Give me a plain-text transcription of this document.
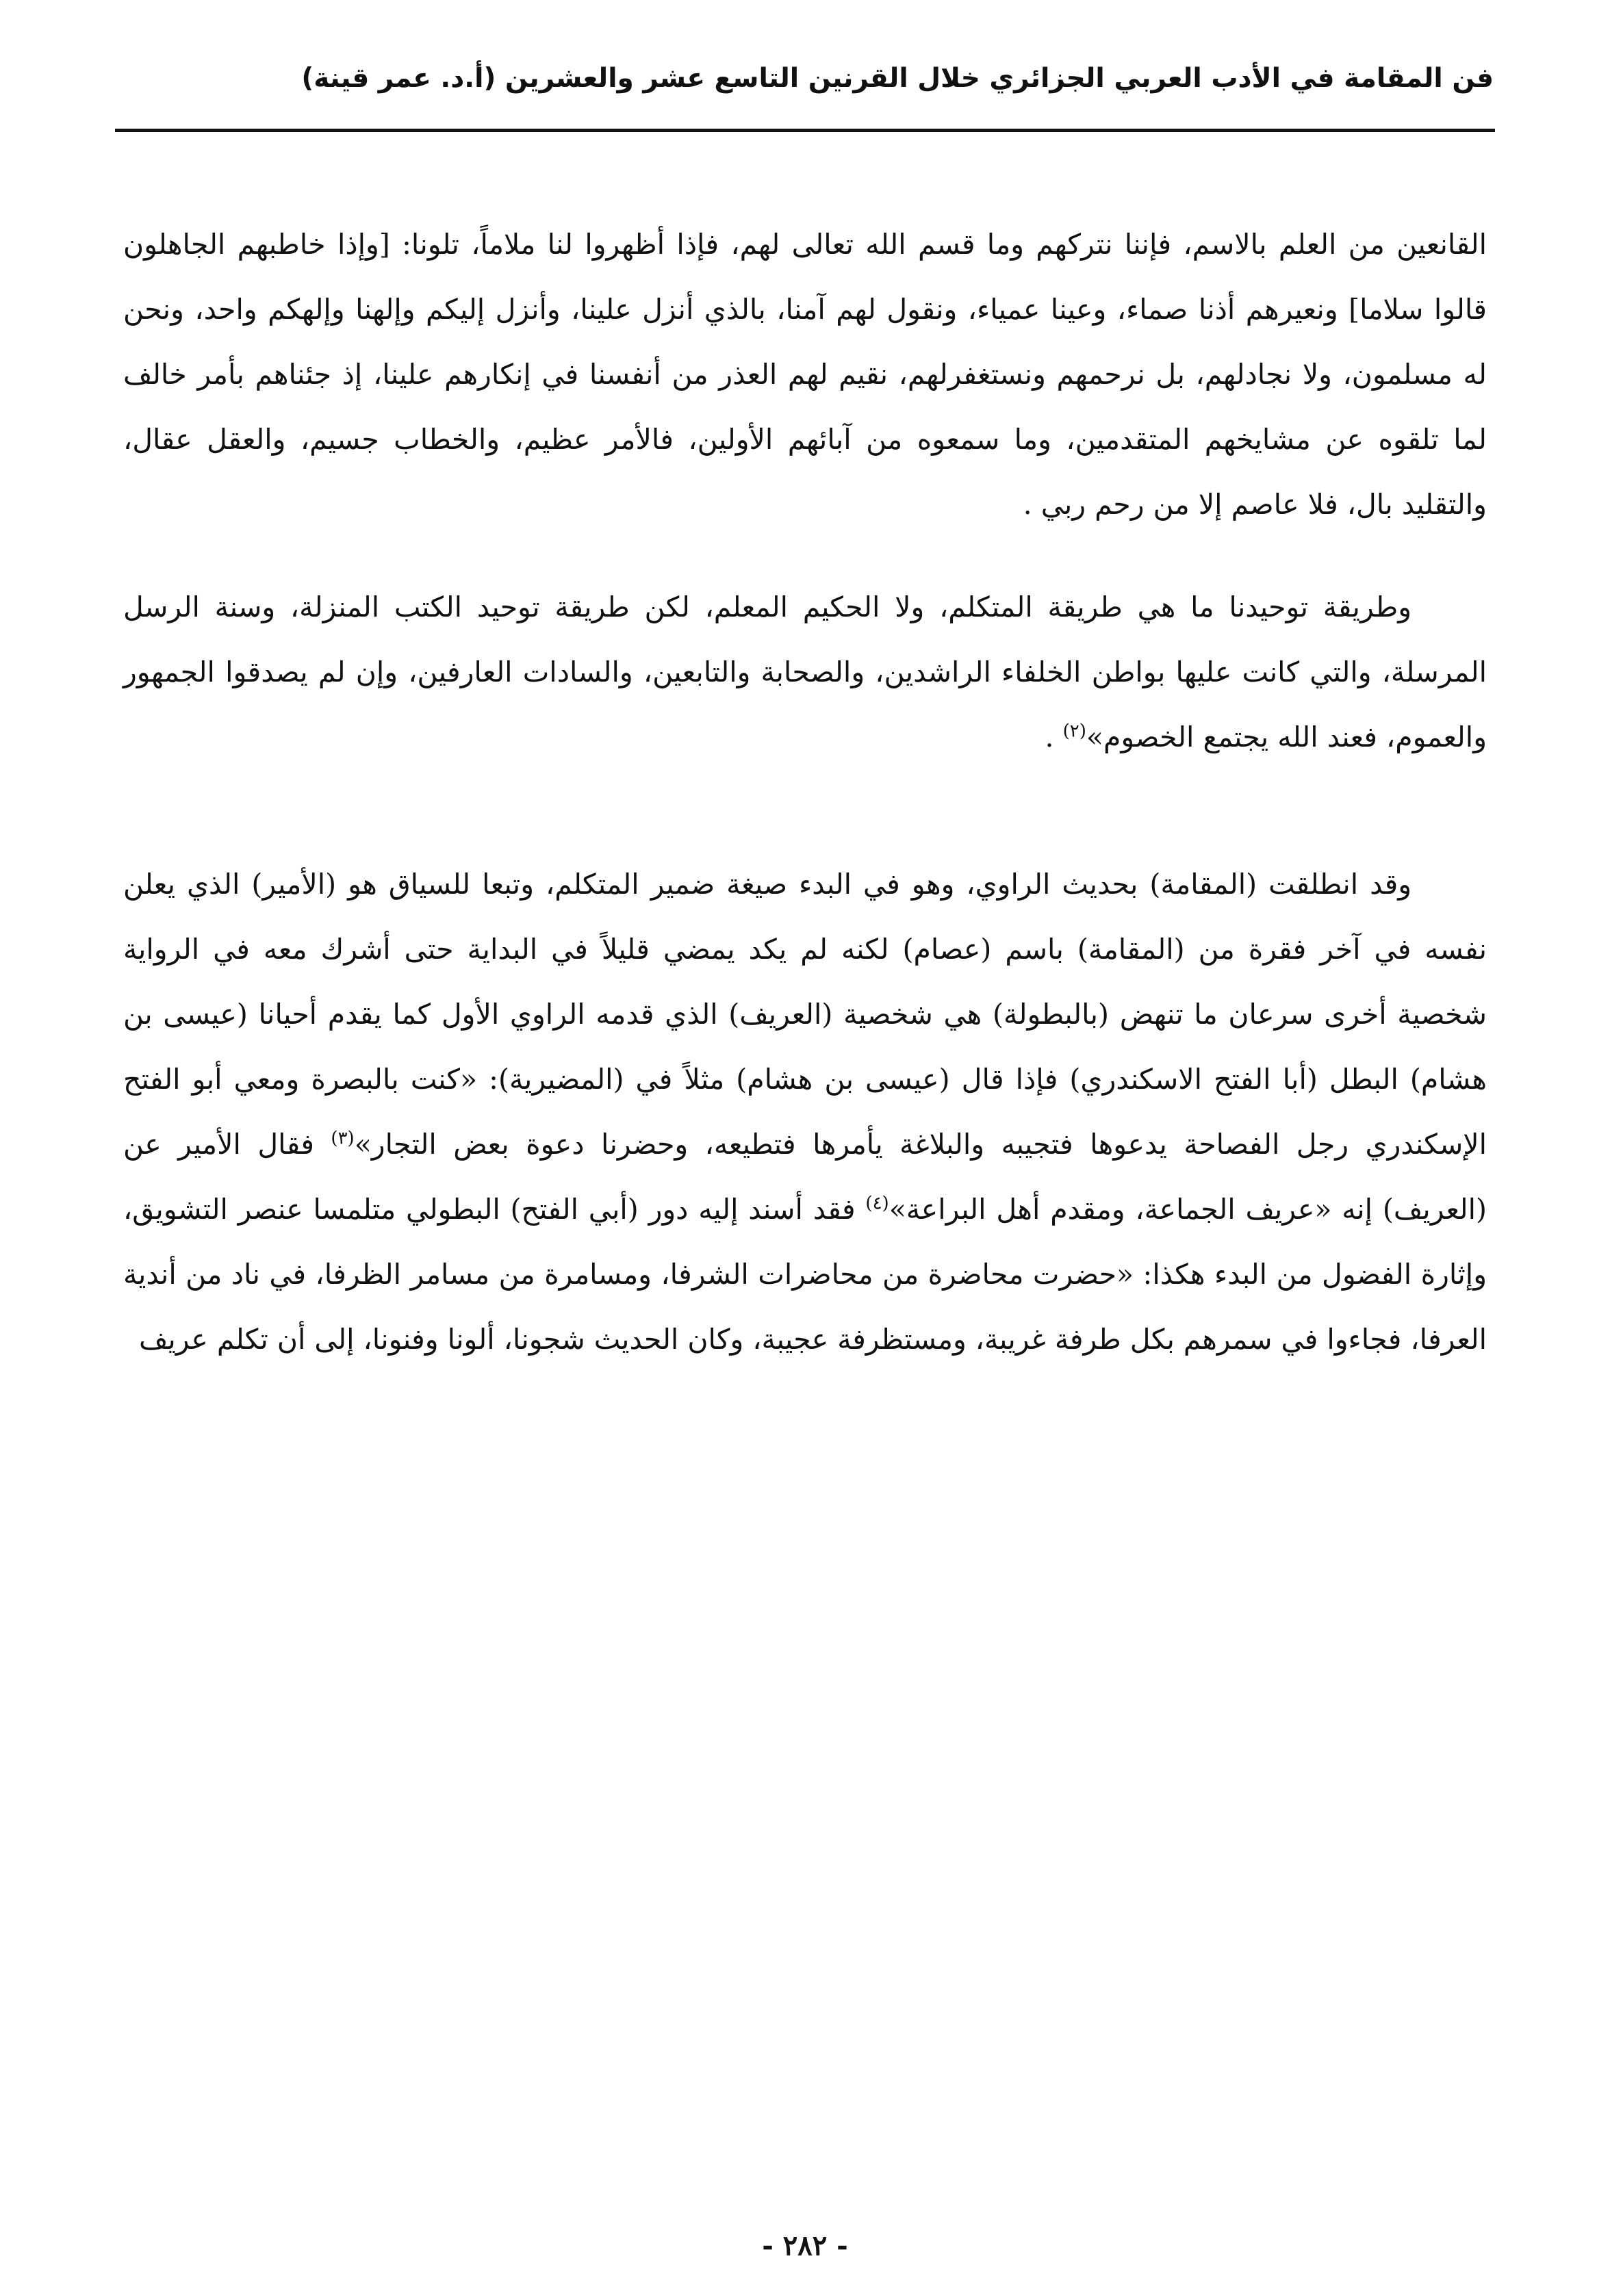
فن المقامة في الأدب العربي الجزائري خلال القرنين التاسع عشر والعشرين (أ.د. عمر قينة)

القانعين من العلم بالاسم، فإننا نتركهم وما قسم الله تعالى لهم، فإذا أظهروا لنا ملاماً، تلونا: [وإذا خاطبهم الجاهلون قالوا سلاما] ونعيرهم أذنا صماء، وعينا عمياء، ونقول لهم آمنا، بالذي أنزل علينا، وأنزل إليكم وإلهنا وإلهكم واحد، ونحن له مسلمون، ولا نجادلهم، بل نرحمهم ونستغفرلهم، نقيم لهم العذر من أنفسنا في إنكارهم علينا، إذ جئناهم بأمر خالف لما تلقوه عن مشايخهم المتقدمين، وما سمعوه من آبائهم الأولين، فالأمر عظيم، والخطاب جسيم، والعقل عقال، والتقليد بال، فلا عاصم إلا من رحم ربي .

وطريقة توحيدنا ما هي طريقة المتكلم، ولا الحكيم المعلم، لكن طريقة توحيد الكتب المنزلة، وسنة الرسل المرسلة، والتي كانت عليها بواطن الخلفاء الراشدين، والصحابة والتابعين، والسادات العارفين، وإن لم يصدقوا الجمهور والعموم، فعند الله يجتمع الخصوم»$^{(٢)}$ .

وقد انطلقت (المقامة) بحديث الراوي، وهو في البدء صيغة ضمير المتكلم، وتبعا للسياق هو (الأمير) الذي يعلن نفسه في آخر فقرة من (المقامة) باسم (عصام) لكنه لم يكد يمضي قليلاً في البداية حتى أشرك معه في الرواية شخصية أخرى سرعان ما تنهض (بالبطولة) هي شخصية (العريف) الذي قدمه الراوي الأول كما يقدم أحيانا (عيسى بن هشام) البطل (أبا الفتح الاسكندري) فإذا قال (عيسى بن هشام) مثلاً في (المضيرية): «كنت بالبصرة ومعي أبو الفتح الإسكندري رجل الفصاحة يدعوها فتجيبه والبلاغة يأمرها فتطيعه، وحضرنا دعوة بعض التجار»$^{(٣)}$ فقال الأمير عن (العريف) إنه «عريف الجماعة، ومقدم أهل البراعة»$^{(٤)}$ فقد أسند إليه دور (أبي الفتح) البطولي متلمسا عنصر التشويق، وإثارة الفضول من البدء هكذا: «حضرت محاضرة من محاضرات الشرفا، ومسامرة من مسامر الظرفا، في ناد من أندية العرفا، فجاءوا في سمرهم بكل طرفة غريبة، ومستظرفة عجيبة، وكان الحديث شجونا، ألونا وفنونا، إلى أن تكلم عريف

- ٢٨٢ -
